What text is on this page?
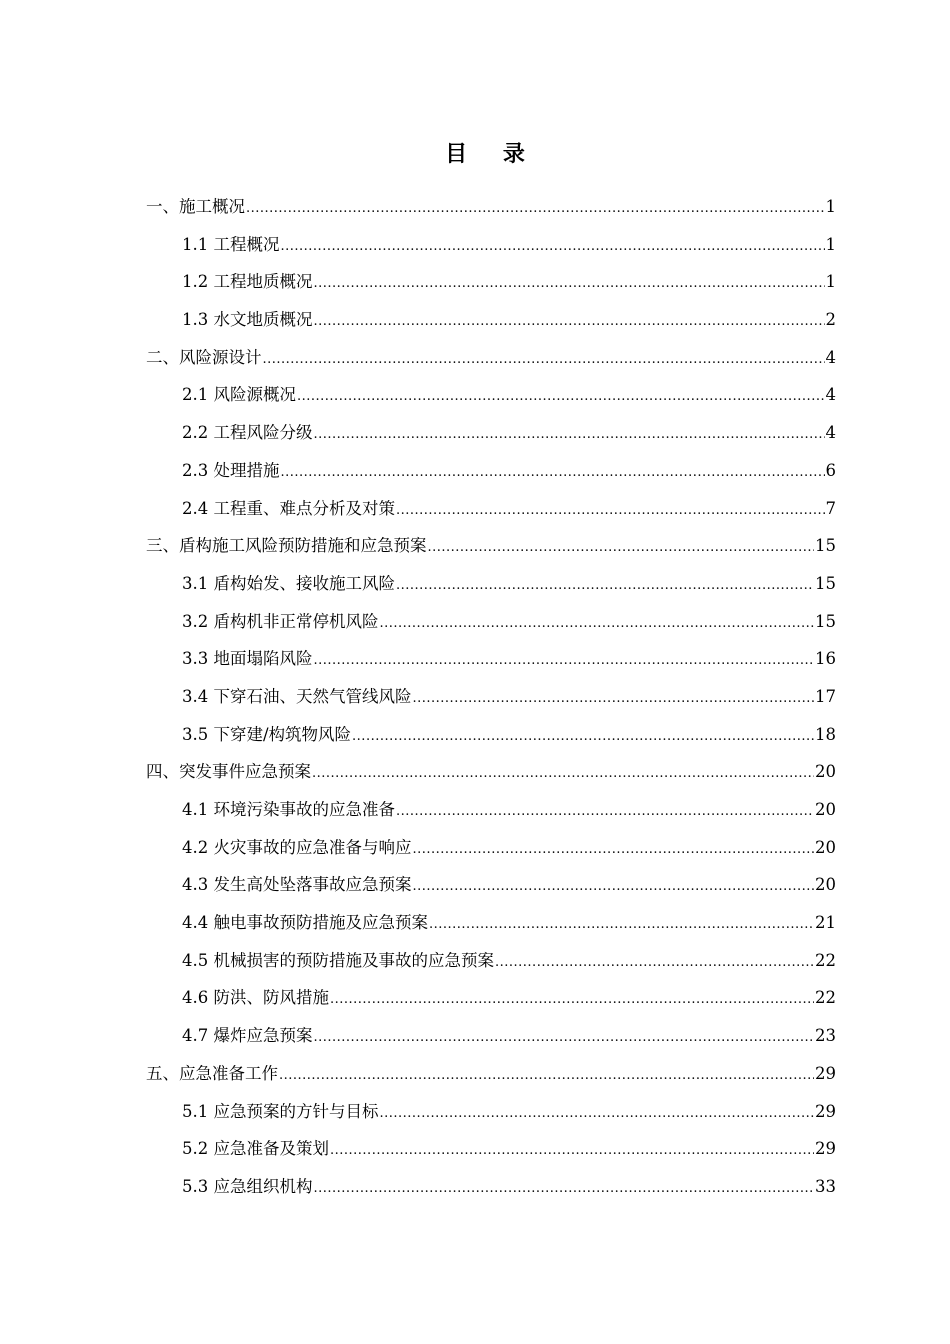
目 录
一、施工概况 .....	1
1.1 工程概况 .....	1
1.2 工程地质概况 .....	1
1.3 水文地质概况 .....	2
二、风险源设计 .....	4
2.1 风险源概况 .....	4
2.2 工程风险分级 .....	4
2.3 处理措施 .....	6
2.4 工程重、难点分析及对策 .....	7
三、盾构施工风险预防措施和应急预案 .....	15
3.1 盾构始发、接收施工风险 .....	15
3.2 盾构机非正常停机风险 .....	15
3.3 地面塌陷风险 .....	16
3.4 下穿石油、天然气管线风险 .....	17
3.5 下穿建/构筑物风险 .....	18
四、突发事件应急预案 .....	20
4.1 环境污染事故的应急准备 .....	20
4.2 火灾事故的应急准备与响应 .....	20
4.3 发生高处坠落事故应急预案 .....	20
4.4 触电事故预防措施及应急预案 .....	21
4.5 机械损害的预防措施及事故的应急预案 .....	22
4.6 防洪、防风措施 .....	22
4.7 爆炸应急预案 .....	23
五、应急准备工作 .....	29
5.1 应急预案的方针与目标 .....	29
5.2 应急准备及策划 .....	29
5.3 应急组织机构 .....	33
